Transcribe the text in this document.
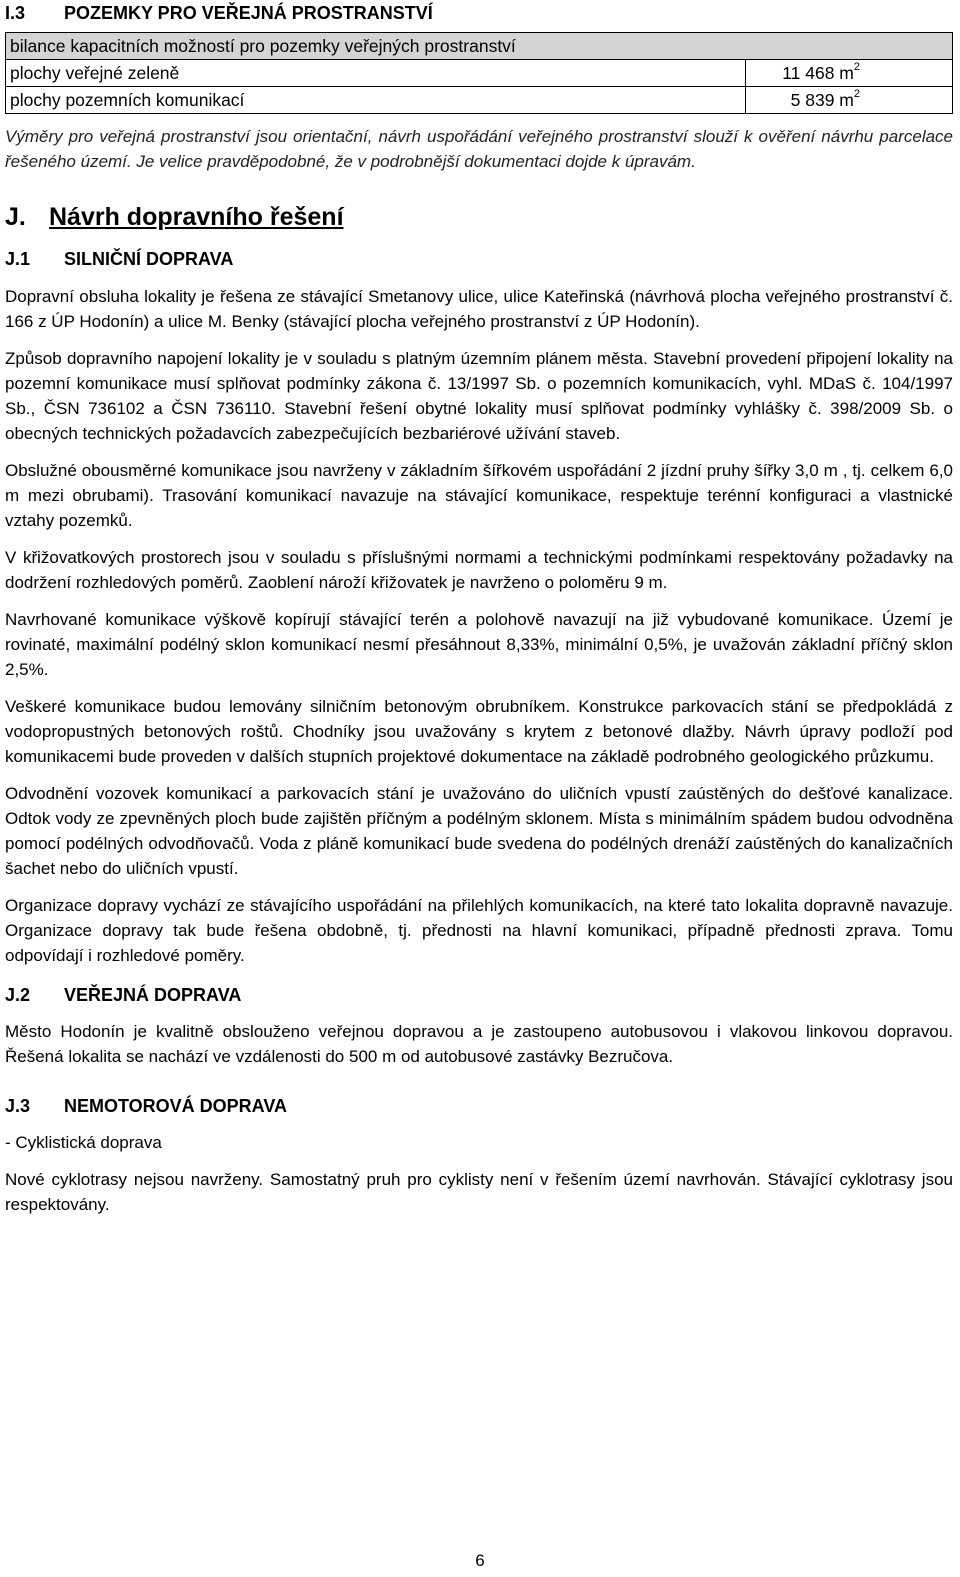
I.3	POZEMKY PRO VEŘEJNÁ PROSTRANSTVÍ
bilance kapacitních možností pro pozemky veřejných prostranství	
plochy veřejné zeleně	11 468 $m^2$
plochy pozemních komunikací	5 839 $m^2$

Výměry pro veřejná prostranství jsou orientační, návrh uspořádání veřejného prostranství slouží k ověření návrhu parcelace řešeného území. Je velice pravděpodobné, že v podrobnější dokumentaci dojde k úpravám.

J. Návrh dopravního řešení
J.1	SILNIČNÍ DOPRAVA

Dopravní obsluha lokality je řešena ze stávající Smetanovy ulice, ulice Kateřinská (návrhová plocha veřejného prostranství č. 166 z ÚP Hodonín) a ulice M. Benky (stávající plocha veřejného prostranství z ÚP Hodonín).

Způsob dopravního napojení lokality je v souladu s platným územním plánem města. Stavební provedení připojení lokality na pozemní komunikace musí splňovat podmínky zákona č. 13/1997 Sb. o pozemních komunikacích, vyhl. MDaS č. 104/1997 Sb., ČSN 736102 a ČSN 736110. Stavební řešení obytné lokality musí splňovat podmínky vyhlášky č. 398/2009 Sb. o obecných technických požadavcích zabezpečujících bezbariérové užívání staveb.

Obslužné obousměrné komunikace jsou navrženy v základním šířkovém uspořádání 2 jízdní pruhy šířky 3,0 m , tj. celkem 6,0 m mezi obrubami). Trasování komunikací navazuje na stávající komunikace, respektuje terénní konfiguraci a vlastnické vztahy pozemků.

V křižovatkových prostorech jsou v souladu s příslušnými normami a technickými podmínkami respektovány požadavky na dodržení rozhledových poměrů. Zaoblení nároží křižovatek je navrženo o poloměru 9 m.

Navrhované komunikace výškově kopírují stávající terén a polohově navazují na již vybudované komunikace. Území je rovinaté, maximální podélný sklon komunikací nesmí přesáhnout 8,33%, minimální 0,5%, je uvažován základní příčný sklon 2,5%.

Veškeré komunikace budou lemovány silničním betonovým obrubníkem. Konstrukce parkovacích stání se předpokládá z vodopropustných betonových roštů. Chodníky jsou uvažovány s krytem z betonové dlažby. Návrh úpravy podloží pod komunikacemi bude proveden v dalších stupních projektové dokumentace na základě podrobného geologického průzkumu.

Odvodnění vozovek komunikací a parkovacích stání je uvažováno do uličních vpustí zaústěných do dešťové kanalizace. Odtok vody ze zpevněných ploch bude zajištěn příčným a podélným sklonem. Místa s minimálním spádem budou odvodněna pomocí podélných odvodňovačů. Voda z pláně komunikací bude svedena do podélných drenáží zaústěných do kanalizačních šachet nebo do uličních vpustí.

Organizace dopravy vychází ze stávajícího uspořádání na přilehlých komunikacích, na které tato lokalita dopravně navazuje. Organizace dopravy tak bude řešena obdobně, tj. přednosti na hlavní komunikaci, případně přednosti zprava. Tomu odpovídají i rozhledové poměry.

J.2	VEŘEJNÁ DOPRAVA

Město Hodonín je kvalitně obslouženo veřejnou dopravou a je zastoupeno autobusovou i vlakovou linkovou dopravou. Řešená lokalita se nachází ve vzdálenosti do 500 m od autobusové zastávky Bezručova.

J.3	NEMOTOROVÁ DOPRAVA

- Cyklistická doprava

Nové cyklotrasy nejsou navrženy. Samostatný pruh pro cyklisty není v řešením území navrhován. Stávající cyklotrasy jsou respektovány.

6
